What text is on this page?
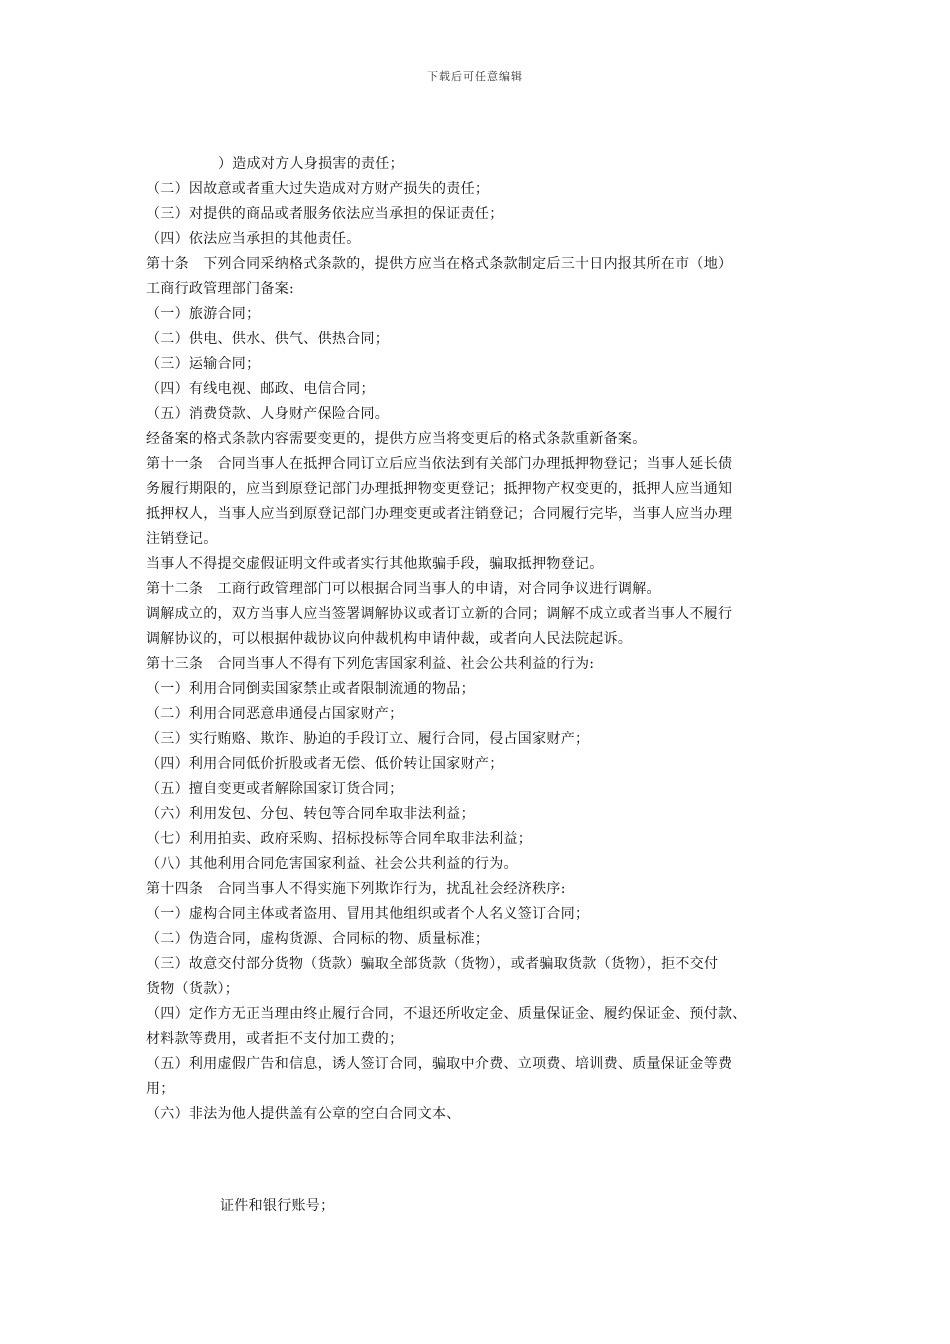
下载后可任意编辑
）造成对方人身损害的责任；
（二）因故意或者重大过失造成对方财产损失的责任；
（三）对提供的商品或者服务依法应当承担的保证责任；
（四）依法应当承担的其他责任。
第十条　下列合同采纳格式条款的，提供方应当在格式条款制定后三十日内报其所在市（地）
工商行政管理部门备案:
（一）旅游合同；
（二）供电、供水、供气、供热合同；
（三）运输合同；
（四）有线电视、邮政、电信合同；
（五）消费贷款、人身财产保险合同。
经备案的格式条款内容需要变更的，提供方应当将变更后的格式条款重新备案。
第十一条　合同当事人在抵押合同订立后应当依法到有关部门办理抵押物登记；当事人延长债
务履行期限的，应当到原登记部门办理抵押物变更登记；抵押物产权变更的，抵押人应当通知
抵押权人，当事人应当到原登记部门办理变更或者注销登记；合同履行完毕，当事人应当办理
注销登记。
当事人不得提交虚假证明文件或者实行其他欺骗手段，骗取抵押物登记。
第十二条　工商行政管理部门可以根据合同当事人的申请，对合同争议进行调解。
调解成立的，双方当事人应当签署调解协议或者订立新的合同；调解不成立或者当事人不履行
调解协议的，可以根据仲裁协议向仲裁机构申请仲裁，或者向人民法院起诉。
第十三条　合同当事人不得有下列危害国家利益、社会公共利益的行为:
（一）利用合同倒卖国家禁止或者限制流通的物品；
（二）利用合同恶意串通侵占国家财产；
（三）实行贿赂、欺诈、胁迫的手段订立、履行合同，侵占国家财产；
（四）利用合同低价折股或者无偿、低价转让国家财产；
（五）擅自变更或者解除国家订货合同；
（六）利用发包、分包、转包等合同牟取非法利益；
（七）利用拍卖、政府采购、招标投标等合同牟取非法利益；
（八）其他利用合同危害国家利益、社会公共利益的行为。
第十四条　合同当事人不得实施下列欺诈行为，扰乱社会经济秩序:
（一）虚构合同主体或者盗用、冒用其他组织或者个人名义签订合同；
（二）伪造合同，虚构货源、合同标的物、质量标准；
（三）故意交付部分货物（货款）骗取全部货款（货物），或者骗取货款（货物），拒不交付
货物（货款）；
（四）定作方无正当理由终止履行合同，不退还所收定金、质量保证金、履约保证金、预付款、
材料款等费用，或者拒不支付加工费的；
（五）利用虚假广告和信息，诱人签订合同，骗取中介费、立项费、培训费、质量保证金等费
用；
（六）非法为他人提供盖有公章的空白合同文本、
证件和银行账号；
